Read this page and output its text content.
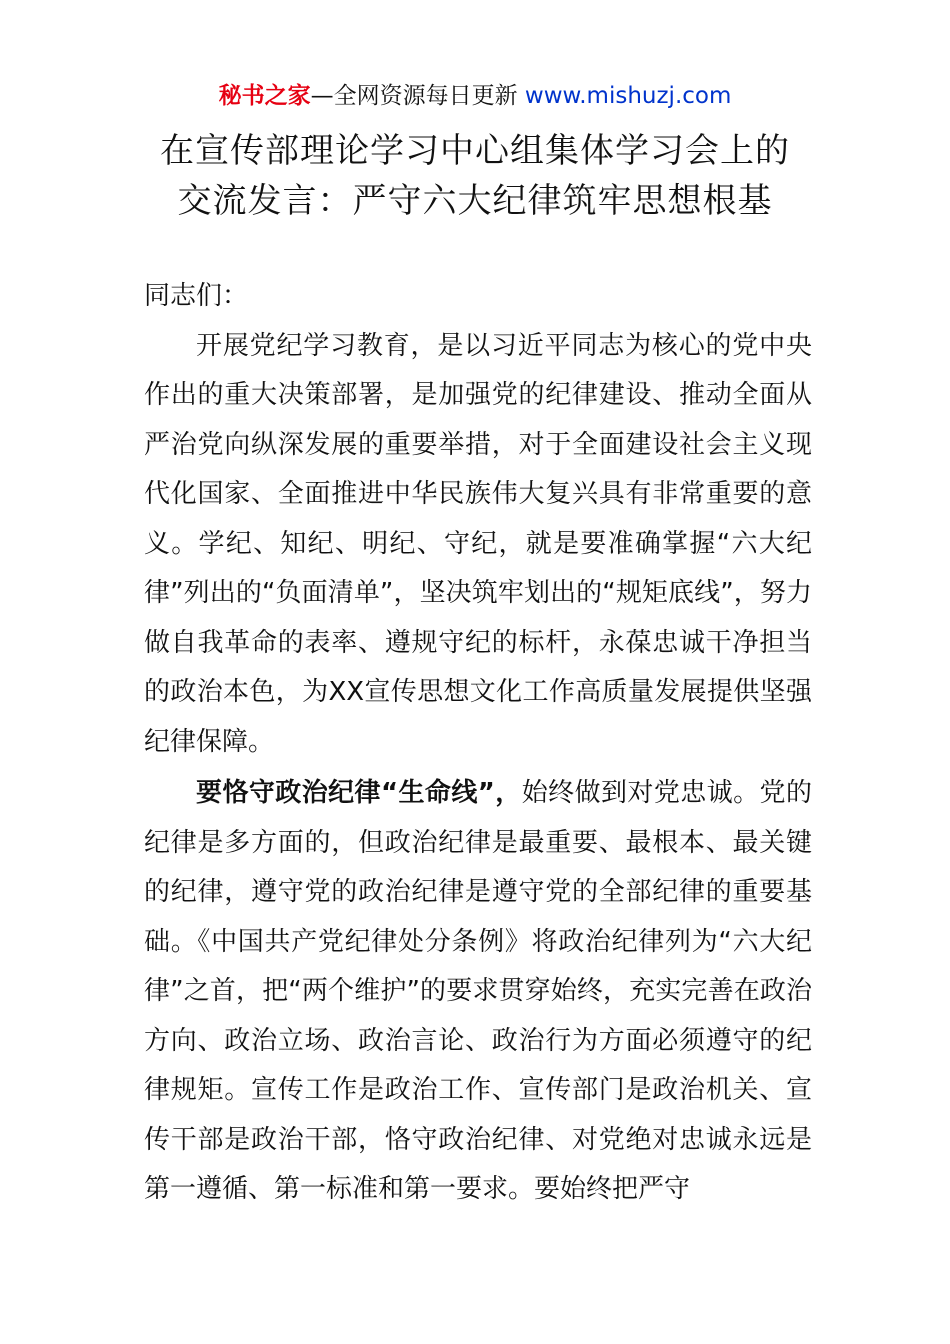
秘书之家—全网资源每日更新 www.mishuzj.com
在宣传部理论学习中心组集体学习会上的
交流发言：严守六大纪律筑牢思想根基

同志们：

开展党纪学习教育，是以习近平同志为核心的党中央作出的重大决策部署，是加强党的纪律建设、推动全面从严治党向纵深发展的重要举措，对于全面建设社会主义现代化国家、全面推进中华民族伟大复兴具有非常重要的意义。学纪、知纪、明纪、守纪，就是要准确掌握“六大纪律”列出的“负面清单”，坚决筑牢划出的“规矩底线”，努力做自我革命的表率、遵规守纪的标杆，永葆忠诚干净担当的政治本色，为XX宣传思想文化工作高质量发展提供坚强纪律保障。

要恪守政治纪律“生命线”，始终做到对党忠诚。党的纪律是多方面的，但政治纪律是最重要、最根本、最关键的纪律，遵守党的政治纪律是遵守党的全部纪律的重要基础。《中国共产党纪律处分条例》将政治纪律列为“六大纪律”之首，把“两个维护”的要求贯穿始终，充实完善在政治方向、政治立场、政治言论、政治行为方面必须遵守的纪律规矩。宣传工作是政治工作、宣传部门是政治机关、宣传干部是政治干部，恪守政治纪律、对党绝对忠诚永远是第一遵循、第一标准和第一要求。要始终把严守
